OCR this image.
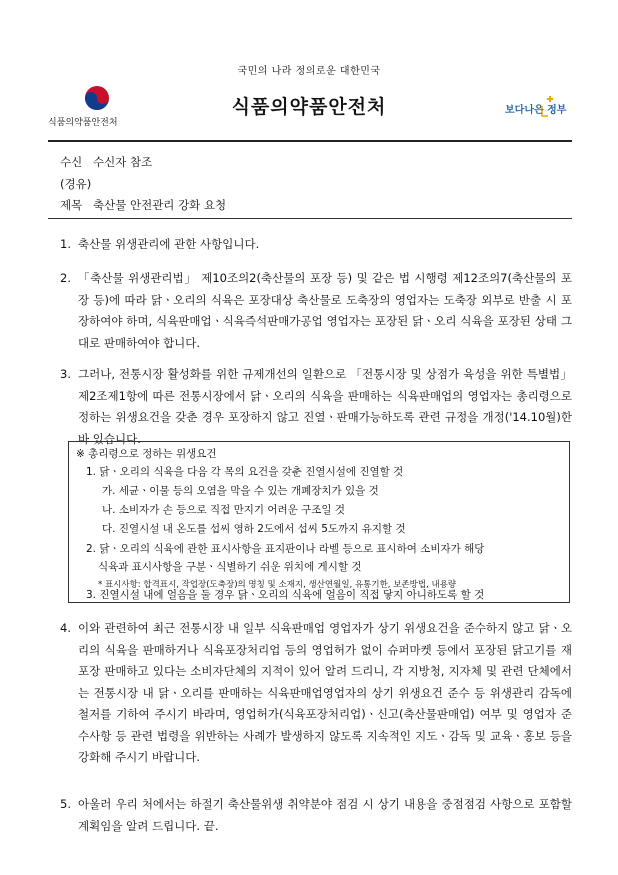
국민의 나라 정의로운 대한민국
식품의약품안전처
식품의약품안전처	보다나은 정부
수신 수신자 참조
(경유)
제목 축산물 안전관리 강화 요청
1. 축산물 위생관리에 관한 사항입니다.
2. 「축산물 위생관리법」 제10조의2(축산물의 포장 등) 및 같은 법 시행령 제12조의7(축산물의 포장 등)에 따라 닭ㆍ오리의 식육은 포장대상 축산물로 도축장의 영업자는 도축장 외부로 반출 시 포장하여야 하며, 식육판매업ㆍ식육즉석판매가공업 영업자는 포장된 닭ㆍ오리 식육을 포장된 상태 그대로 판매하여야 합니다.
3. 그러나, 전통시장 활성화를 위한 규제개선의 일환으로 「전통시장 및 상점가 육성을 위한 특별법」 제2조제1항에 따른 전통시장에서 닭ㆍ오리의 식육을 판매하는 식육판매업의 영업자는 총리령으로 정하는 위생요건을 갖춘 경우 포장하지 않고 진열ㆍ판매가능하도록 관련 규정을 개정('14.10월)한 바 있습니다.
※ 총리령으로 정하는 위생요건
1. 닭ㆍ오리의 식육을 다음 각 목의 요건을 갖춘 진열시설에 진열할 것
가. 세균ㆍ이물 등의 오염을 막을 수 있는 개폐장치가 있을 것
나. 소비자가 손 등으로 직접 만지기 어려운 구조일 것
다. 진열시설 내 온도를 섭씨 영하 2도에서 섭씨 5도까지 유지할 것
2. 닭ㆍ오리의 식육에 관한 표시사항을 표지판이나 라벨 등으로 표시하여 소비자가 해당
식육과 표시사항을 구분ㆍ식별하기 쉬운 위치에 게시할 것
* 표시사항: 합격표시, 작업장(도축장)의 명칭 및 소재지, 생산연월일, 유통기한, 보존방법, 내용량
3. 진열시설 내에 얼음을 둘 경우 닭ㆍ오리의 식육에 얼음이 직접 닿지 아니하도록 할 것
4. 이와 관련하여 최근 전통시장 내 일부 식육판매업 영업자가 상기 위생요건을 준수하지 않고 닭ㆍ오리의 식육을 판매하거나 식육포장처리업 등의 영업허가 없이 슈퍼마켓 등에서 포장된 닭고기를 재포장 판매하고 있다는 소비자단체의 지적이 있어 알려 드리니, 각 지방청, 지자체 및 관련 단체에서는 전통시장 내 닭ㆍ오리를 판매하는 식육판매업영업자의 상기 위생요건 준수 등 위생관리 감독에 철저를 기하여 주시기 바라며, 영업허가(식육포장처리업)ㆍ신고(축산물판매업) 여부 및 영업자 준수사항 등 관련 법령을 위반하는 사례가 발생하지 않도록 지속적인 지도ㆍ감독 및 교육ㆍ홍보 등을 강화해 주시기 바랍니다.
5. 아울러 우리 처에서는 하절기 축산물위생 취약분야 점검 시 상기 내용을 중점점검 사항으로 포함할 계획임을 알려 드립니다. 끝.
